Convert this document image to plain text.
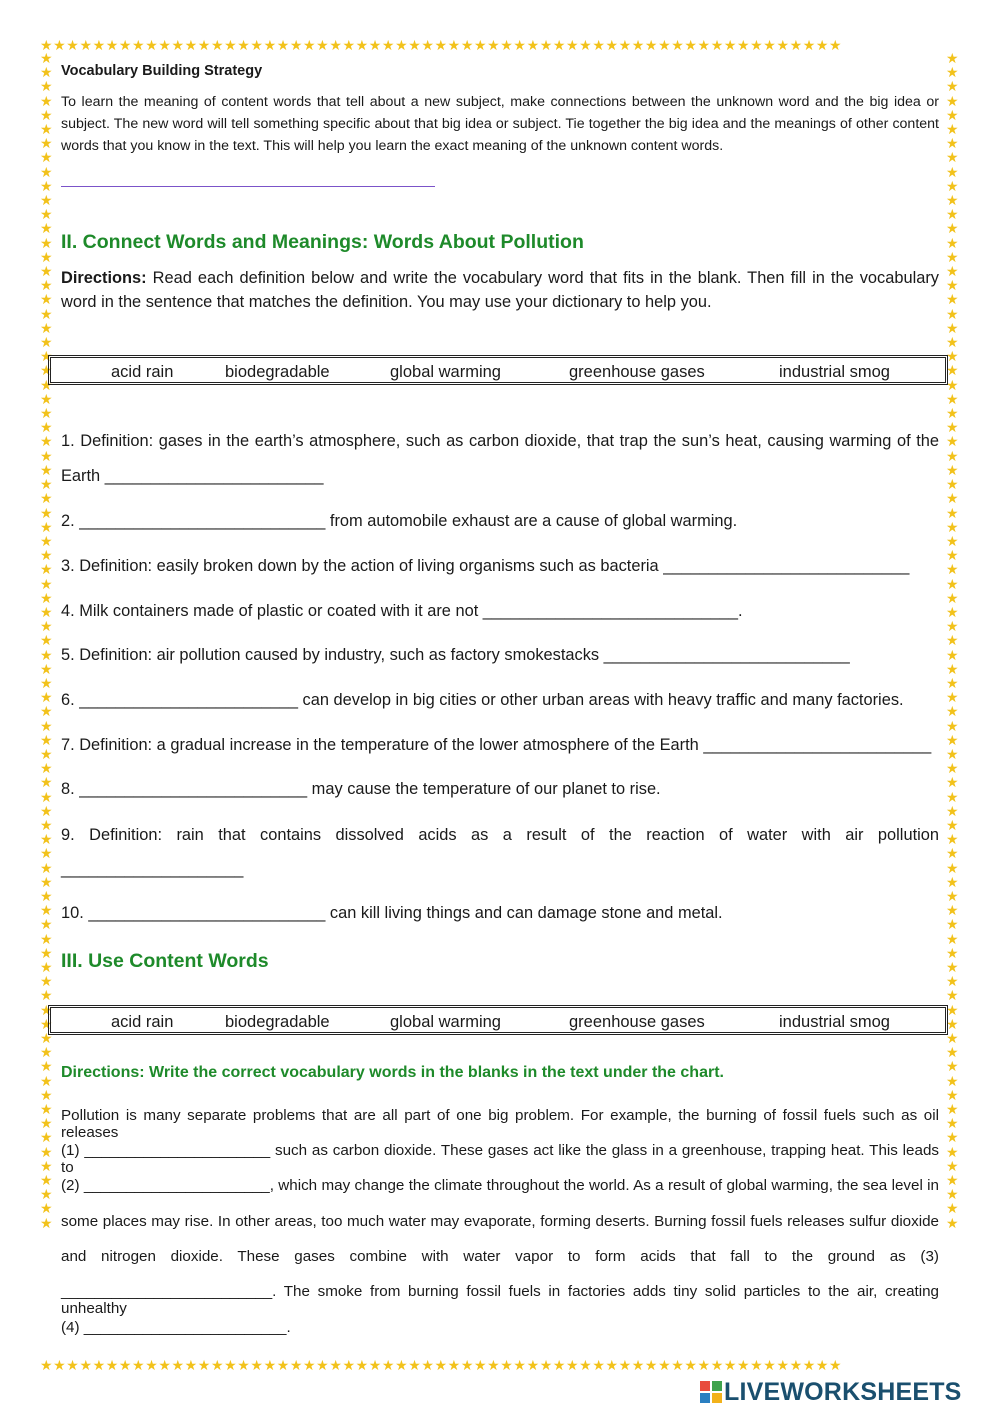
★★★★★★★★★★★★★★★★★★★★★★★★★★★★★★★★★★★★★★★★★★★★★★★★★★★★★★★★★★★★★
★★★★★★★★★★★★★★★★★★★★★★★★★★★★★★★★★★★★★★★★★★★★★★★★★★★★★★★★★★★★★
★★★★★★★★★★★★★★★★★★★★★★★★★★★★★★★★★★★★★★★★★★★★★★★★★★★★★★★★★★★★★★★★★★★★★★★★★★★★★★★★★★★
★★★★★★★★★★★★★★★★★★★★★★★★★★★★★★★★★★★★★★★★★★★★★★★★★★★★★★★★★★★★★★★★★★★★★★★★★★★★★★★★★★★
Vocabulary Building Strategy
To learn the meaning of content words that tell about a new subject, make connections between the unknown word and the big idea or subject. The new word will tell something specific about that big idea or subject. Tie together the big idea and the meanings of other content words that you know in the text. This will help you learn the exact meaning of the unknown content words.
II. Connect Words and Meanings: Words About Pollution
Directions: Read each definition below and write the vocabulary word that fits in the blank. Then fill in the vocabulary word in the sentence that matches the definition. You may use your dictionary to help you.
acid rain	biodegradable	global warming	greenhouse gases	industrial smog
1. Definition: gases in the earth’s atmosphere, such as carbon dioxide, that trap the sun’s heat, causing warming of the
Earth ________________________
2. ___________________________ from automobile exhaust are a cause of global warming.
3. Definition: easily broken down by the action of living organisms such as bacteria ___________________________
4. Milk containers made of plastic or coated with it are not ____________________________.
5. Definition: air pollution caused by industry, such as factory smokestacks ___________________________
6. ________________________ can develop in big cities or other urban areas with heavy traffic and many factories.
7. Definition: a gradual increase in the temperature of the lower atmosphere of the Earth _________________________
8. _________________________ may cause the temperature of our planet to rise.
9. Definition: rain that contains dissolved acids as a result of the reaction of water with air pollution
____________________
10. __________________________ can kill living things and can damage stone and metal.
III. Use Content Words
acid rain	biodegradable	global warming	greenhouse gases	industrial smog
Directions: Write the correct vocabulary words in the blanks in the text under the chart.
Pollution is many separate problems that are all part of one big problem. For example, the burning of fossil fuels such as oil releases
(1) ______________________ such as carbon dioxide. These gases act like the glass in a greenhouse, trapping heat. This leads to
(2) ______________________, which may change the climate throughout the world. As a result of global warming, the sea level in
some places may rise. In other areas, too much water may evaporate, forming deserts. Burning fossil fuels releases sulfur dioxide
and nitrogen dioxide. These gases combine with water vapor to form acids that fall to the ground as (3)
_________________________. The smoke from burning fossil fuels in factories adds tiny solid particles to the air, creating unhealthy
(4) ________________________.
LIVEWORKSHEETS
